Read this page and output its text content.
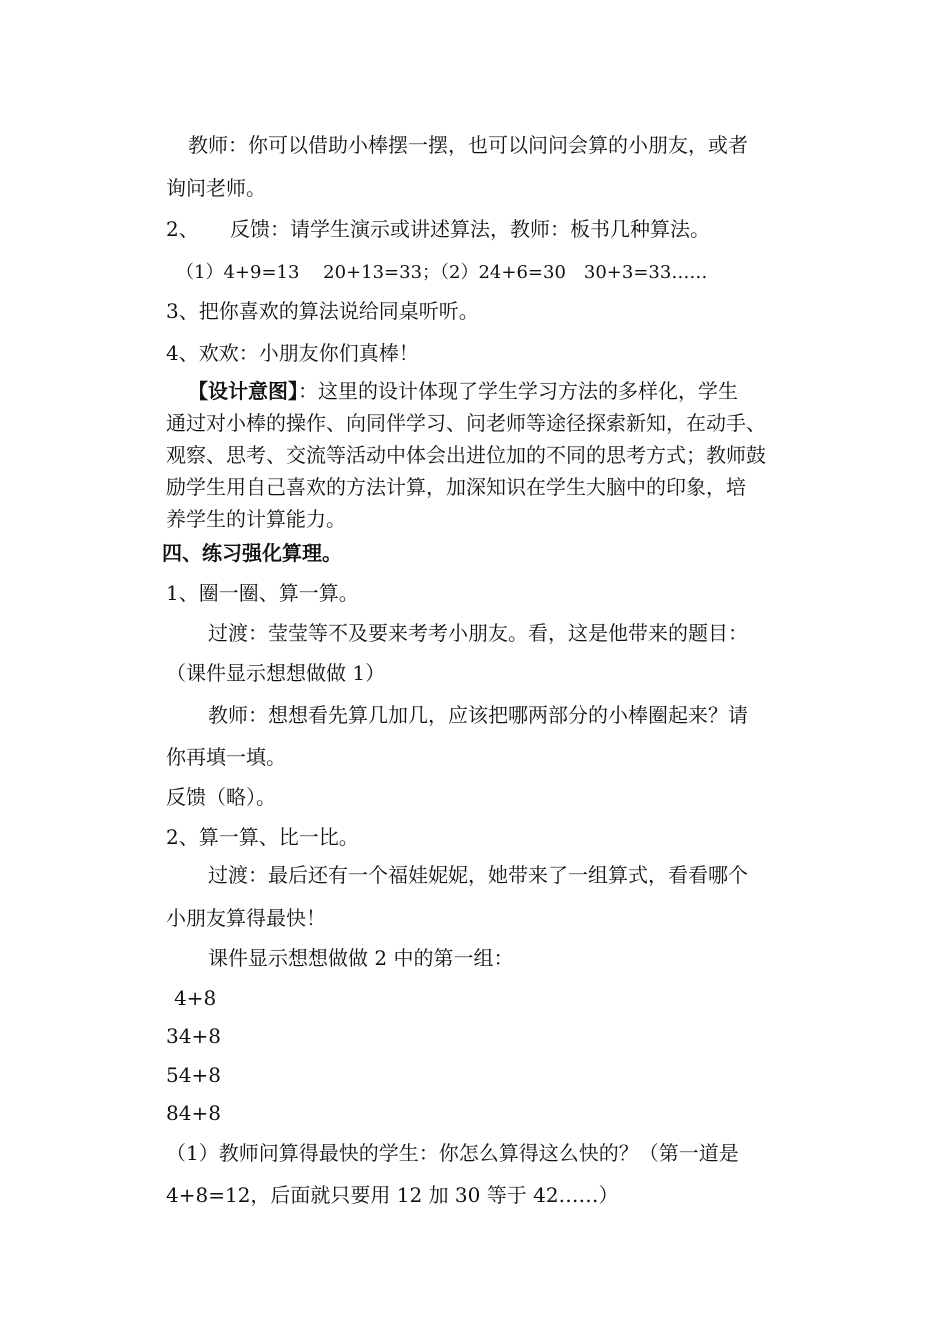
教师：你可以借助小棒摆一摆，也可以问问会算的小朋友，或者
询问老师。
2、 反馈：请学生演示或讲述算法，教师：板书几种算法。
（1）4+9=13　 20+13=33；（2）24+6=30　30+3=33……
3、把你喜欢的算法说给同桌听听。
4、欢欢：小朋友你们真棒！
【设计意图】：这里的设计体现了学生学习方法的多样化，学生
通过对小棒的操作、向同伴学习、问老师等途径探索新知，在动手、
观察、思考、交流等活动中体会出进位加的不同的思考方式；教师鼓
励学生用自己喜欢的方法计算，加深知识在学生大脑中的印象，培
养学生的计算能力。
四、练习强化算理。
1、圈一圈、算一算。
过渡：莹莹等不及要来考考小朋友。看，这是他带来的题目：
（课件显示想想做做 1）
教师：想想看先算几加几，应该把哪两部分的小棒圈起来？请
你再填一填。
反馈（略）。
2、算一算、比一比。
过渡：最后还有一个福娃妮妮，她带来了一组算式，看看哪个
小朋友算得最快！
课件显示想想做做 2 中的第一组：
4+8
34+8
54+8
84+8
（1）教师问算得最快的学生：你怎么算得这么快的？（第一道是
4+8=12，后面就只要用 12 加 30 等于 42……）
